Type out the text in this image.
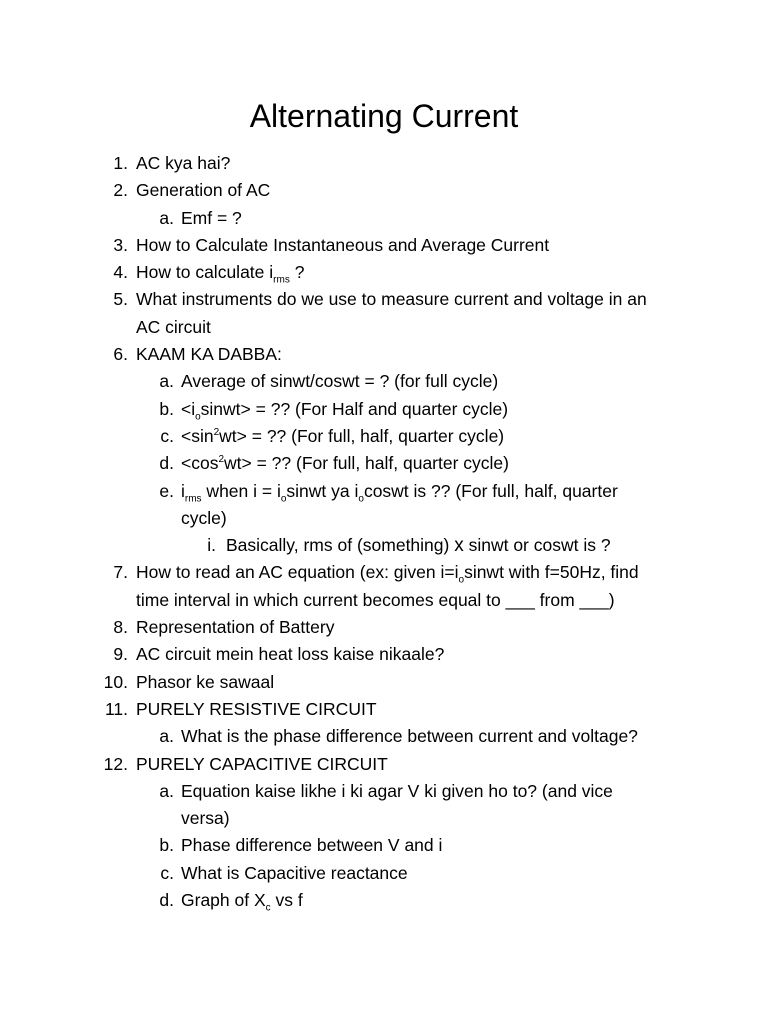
Alternating Current
1. AC kya hai?
2. Generation of AC
a. Emf = ?
3. How to Calculate Instantaneous and Average Current
4. How to calculate $i_{rms}$ ?
5. What instruments do we use to measure current and voltage in an
AC circuit
6. KAAM KA DABBA:
a. Average of sinwt/coswt = ? (for full cycle)
b. $<i_osinwt>$ = ?? (For Half and quarter cycle)
c. $<\sin^2wt>$ = ?? (For full, half, quarter cycle)
d. $<\cos^2wt>$ = ?? (For full, half, quarter cycle)
e. $i_{rms}$ when $i = i_osinwt$ ya $i_ocoswt$ is ?? (For full, half, quarter
cycle)
i. Basically, rms of (something) x sinwt or coswt is ?
7. How to read an AC equation (ex: given $i=i_osinwt$ with f=50Hz, find
time interval in which current becomes equal to ___ from ___)
8. Representation of Battery
9. AC circuit mein heat loss kaise nikaale?
10. Phasor ke sawaal
11. PURELY RESISTIVE CIRCUIT
a. What is the phase difference between current and voltage?
12. PURELY CAPACITIVE CIRCUIT
a. Equation kaise likhe i ki agar V ki given ho to? (and vice
versa)
b. Phase difference between V and i
c. What is Capacitive reactance
d. Graph of $X_c$ vs f
